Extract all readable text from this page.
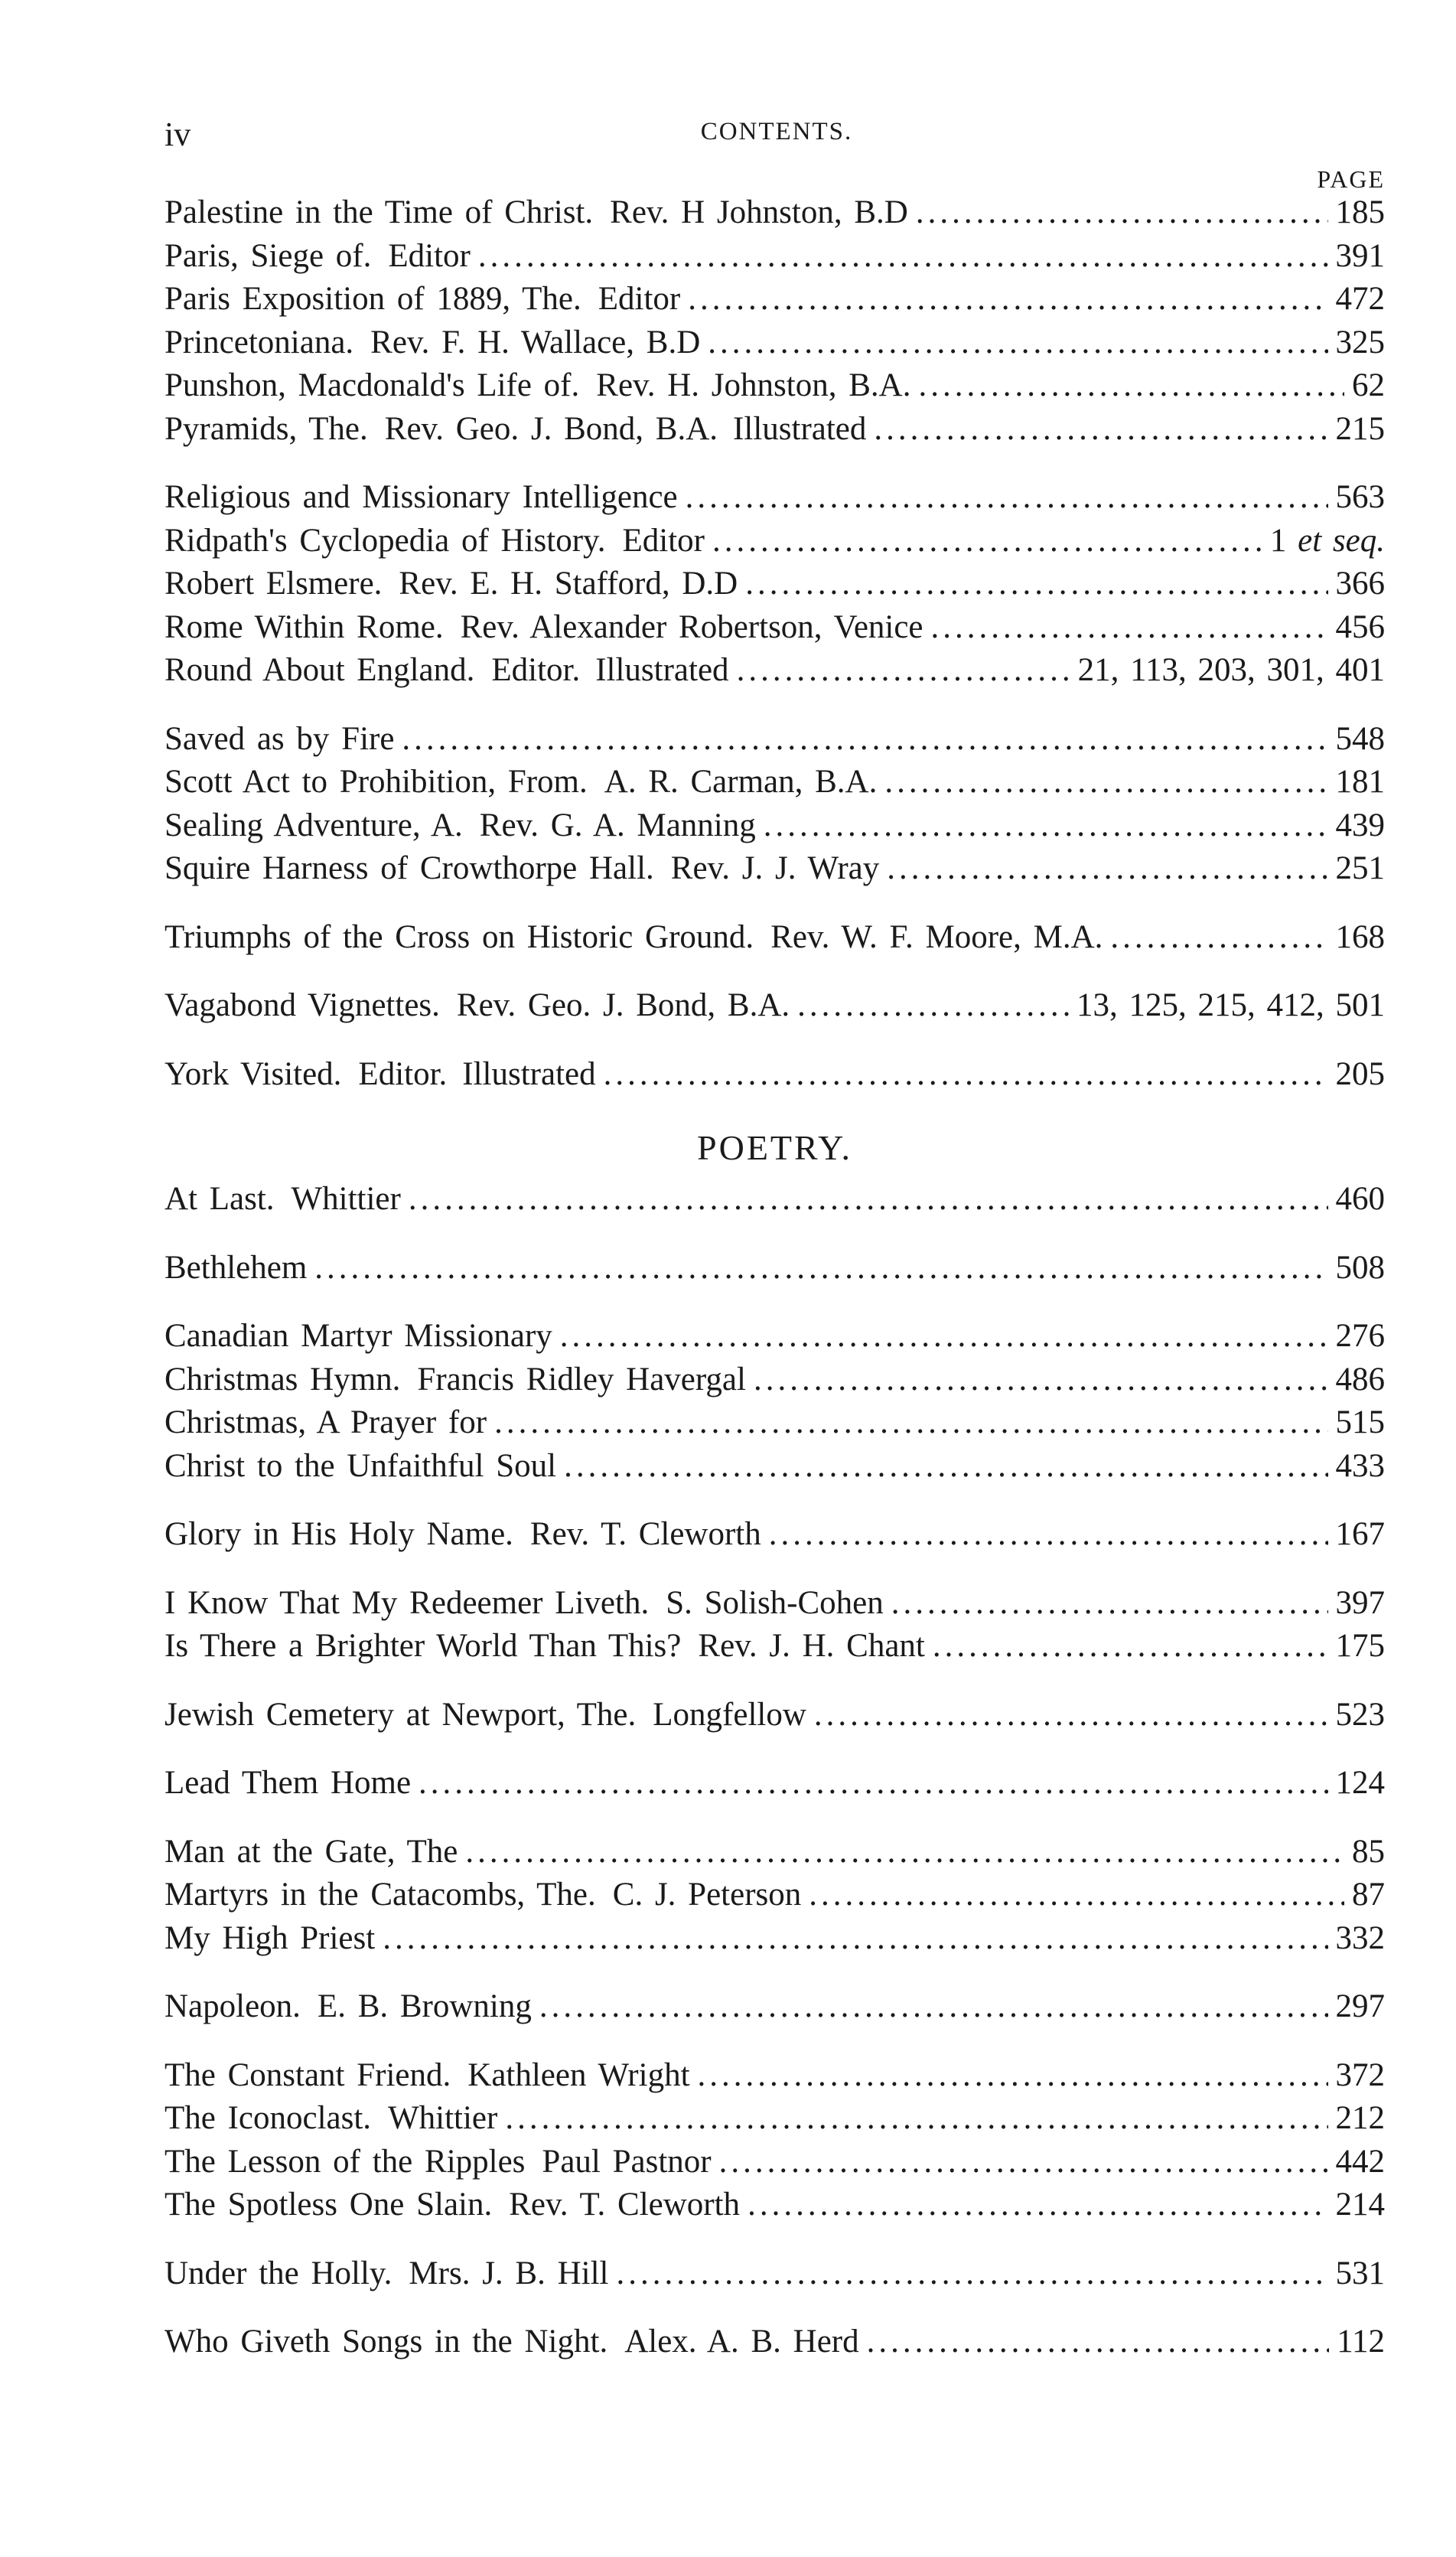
iv	CONTENTS.
PAGE
Palestine in the Time of Christ. Rev. H Johnston, B.D .....	185
Paris, Siege of. Editor .....	391
Paris Exposition of 1889, The. Editor .....	472
Princetoniana. Rev. F. H. Wallace, B.D .....	325
Punshon, Macdonald's Life of. Rev. H. Johnston, B.A. .....	62
Pyramids, The. Rev. Geo. J. Bond, B.A. Illustrated .....	215
Religious and Missionary Intelligence .....	563
Ridpath's Cyclopedia of History. Editor .....	1 et seq.
Robert Elsmere. Rev. E. H. Stafford, D.D .....	366
Rome Within Rome. Rev. Alexander Robertson, Venice .....	456
Round About England. Editor. Illustrated .....	21, 113, 203, 301, 401
Saved as by Fire .....	548
Scott Act to Prohibition, From. A. R. Carman, B.A. .....	181
Sealing Adventure, A. Rev. G. A. Manning .....	439
Squire Harness of Crowthorpe Hall. Rev. J. J. Wray .....	251
Triumphs of the Cross on Historic Ground. Rev. W. F. Moore, M.A. .....	168
Vagabond Vignettes. Rev. Geo. J. Bond, B.A. .....	13, 125, 215, 412, 501
York Visited. Editor. Illustrated .....	205
POETRY.
At Last. Whittier .....	460
Bethlehem .....	508
Canadian Martyr Missionary .....	276
Christmas Hymn. Francis Ridley Havergal .....	486
Christmas, A Prayer for .....	515
Christ to the Unfaithful Soul .....	433
Glory in His Holy Name. Rev. T. Cleworth .....	167
I Know That My Redeemer Liveth. S. Solish-Cohen .....	397
Is There a Brighter World Than This? Rev. J. H. Chant .....	175
Jewish Cemetery at Newport, The. Longfellow .....	523
Lead Them Home .....	124
Man at the Gate, The .....	85
Martyrs in the Catacombs, The. C. J. Peterson .....	87
My High Priest .....	332
Napoleon. E. B. Browning .....	297
The Constant Friend. Kathleen Wright .....	372
The Iconoclast. Whittier .....	212
The Lesson of the Ripples Paul Pastnor .....	442
The Spotless One Slain. Rev. T. Cleworth .....	214
Under the Holly. Mrs. J. B. Hill .....	531
Who Giveth Songs in the Night. Alex. A. B. Herd .....	112
